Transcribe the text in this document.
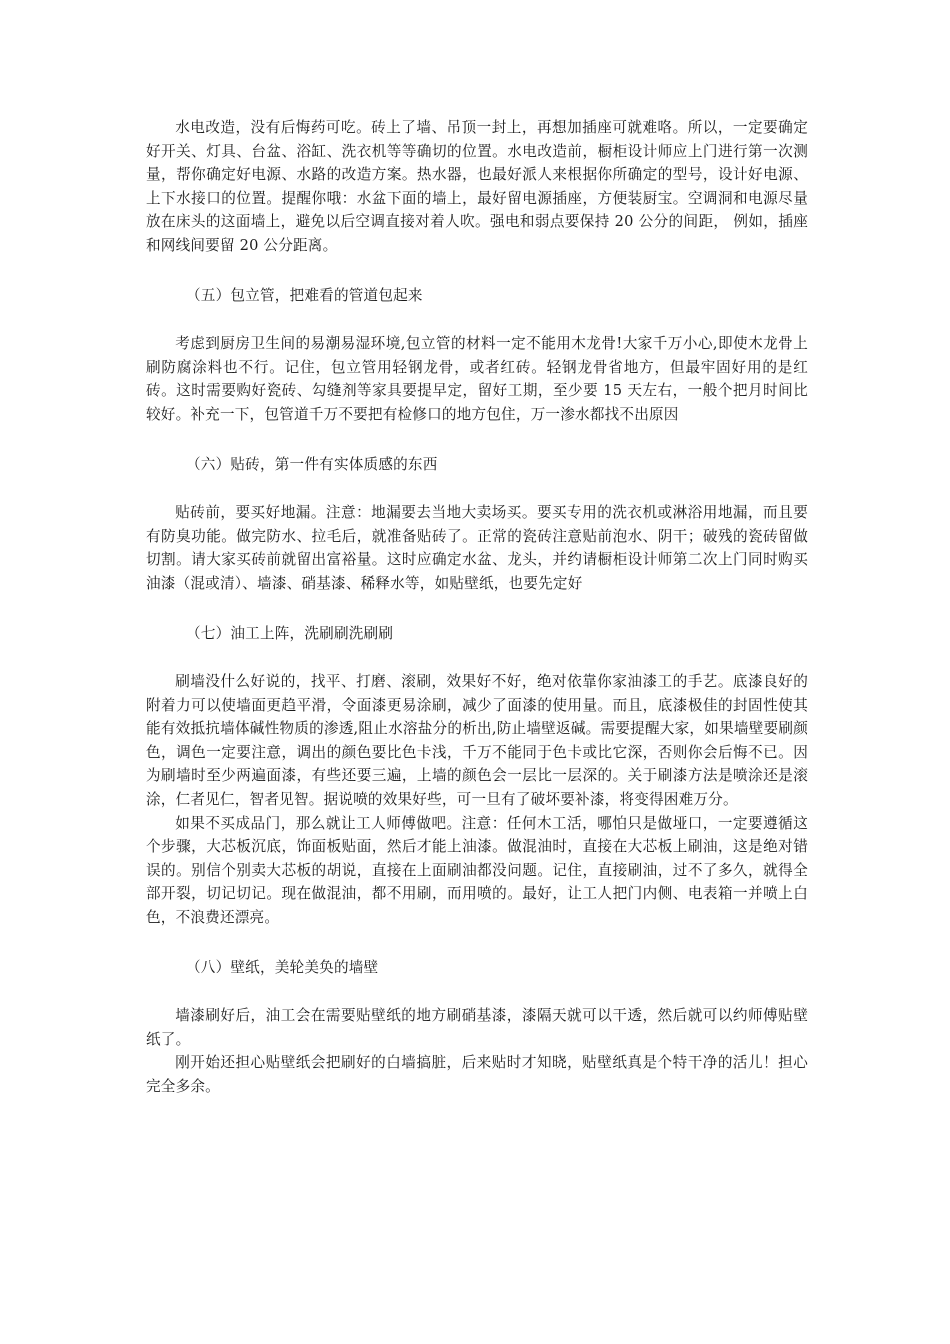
水电改造，没有后悔药可吃。砖上了墙、吊顶一封上，再想加插座可就难咯。所以，一定要确定好开关、灯具、台盆、浴缸、洗衣机等等确切的位置。水电改造前，橱柜设计师应上门进行第一次测量，帮你确定好电源、水路的改造方案。热水器，也最好派人来根据你所确定的型号，设计好电源、上下水接口的位置。提醒你哦：水盆下面的墙上，最好留电源插座，方便装厨宝。空调洞和电源尽量放在床头的这面墙上，避免以后空调直接对着人吹。强电和弱点要保持 20 公分的间距， 例如，插座和网线间要留 20 公分距离。

（五）包立管，把难看的管道包起来

考虑到厨房卫生间的易潮易湿环境,包立管的材料一定不能用木龙骨!大家千万小心,即使木龙骨上刷防腐涂料也不行。记住，包立管用轻钢龙骨，或者红砖。轻钢龙骨省地方，但最牢固好用的是红砖。这时需要购好瓷砖、勾缝剂等家具要提早定，留好工期，至少要 15 天左右，一般个把月时间比较好。补充一下，包管道千万不要把有检修口的地方包住，万一渗水都找不出原因

（六）贴砖，第一件有实体质感的东西

贴砖前，要买好地漏。注意：地漏要去当地大卖场买。要买专用的洗衣机或淋浴用地漏，而且要有防臭功能。做完防水、拉毛后，就准备贴砖了。正常的瓷砖注意贴前泡水、阴干；破残的瓷砖留做切割。请大家买砖前就留出富裕量。这时应确定水盆、龙头，并约请橱柜设计师第二次上门同时购买油漆（混或清）、墙漆、硝基漆、稀释水等，如贴壁纸，也要先定好

（七）油工上阵，洗刷刷洗刷刷

刷墙没什么好说的，找平、打磨、滚刷，效果好不好，绝对依靠你家油漆工的手艺。底漆良好的附着力可以使墙面更趋平滑，令面漆更易涂刷，减少了面漆的使用量。而且，底漆极佳的封固性使其能有效抵抗墙体碱性物质的渗透,阻止水溶盐分的析出,防止墙壁返碱。需要提醒大家，如果墙壁要刷颜色，调色一定要注意，调出的颜色要比色卡浅，千万不能同于色卡或比它深，否则你会后悔不已。因为刷墙时至少两遍面漆，有些还要三遍，上墙的颜色会一层比一层深的。关于刷漆方法是喷涂还是滚涂，仁者见仁，智者见智。据说喷的效果好些，可一旦有了破坏要补漆，将变得困难万分。

如果不买成品门，那么就让工人师傅做吧。注意：任何木工活，哪怕只是做垭口，一定要遵循这个步骤，大芯板沉底，饰面板贴面，然后才能上油漆。做混油时，直接在大芯板上刷油，这是绝对错误的。别信个别卖大芯板的胡说，直接在上面刷油都没问题。记住，直接刷油，过不了多久，就得全部开裂，切记切记。现在做混油，都不用刷，而用喷的。最好，让工人把门内侧、电表箱一并喷上白色，不浪费还漂亮。

（八）壁纸，美轮美奂的墙壁

墙漆刷好后，油工会在需要贴壁纸的地方刷硝基漆，漆隔天就可以干透，然后就可以约师傅贴壁纸了。

刚开始还担心贴壁纸会把刷好的白墙搞脏，后来贴时才知晓，贴壁纸真是个特干净的活儿！担心完全多余。
